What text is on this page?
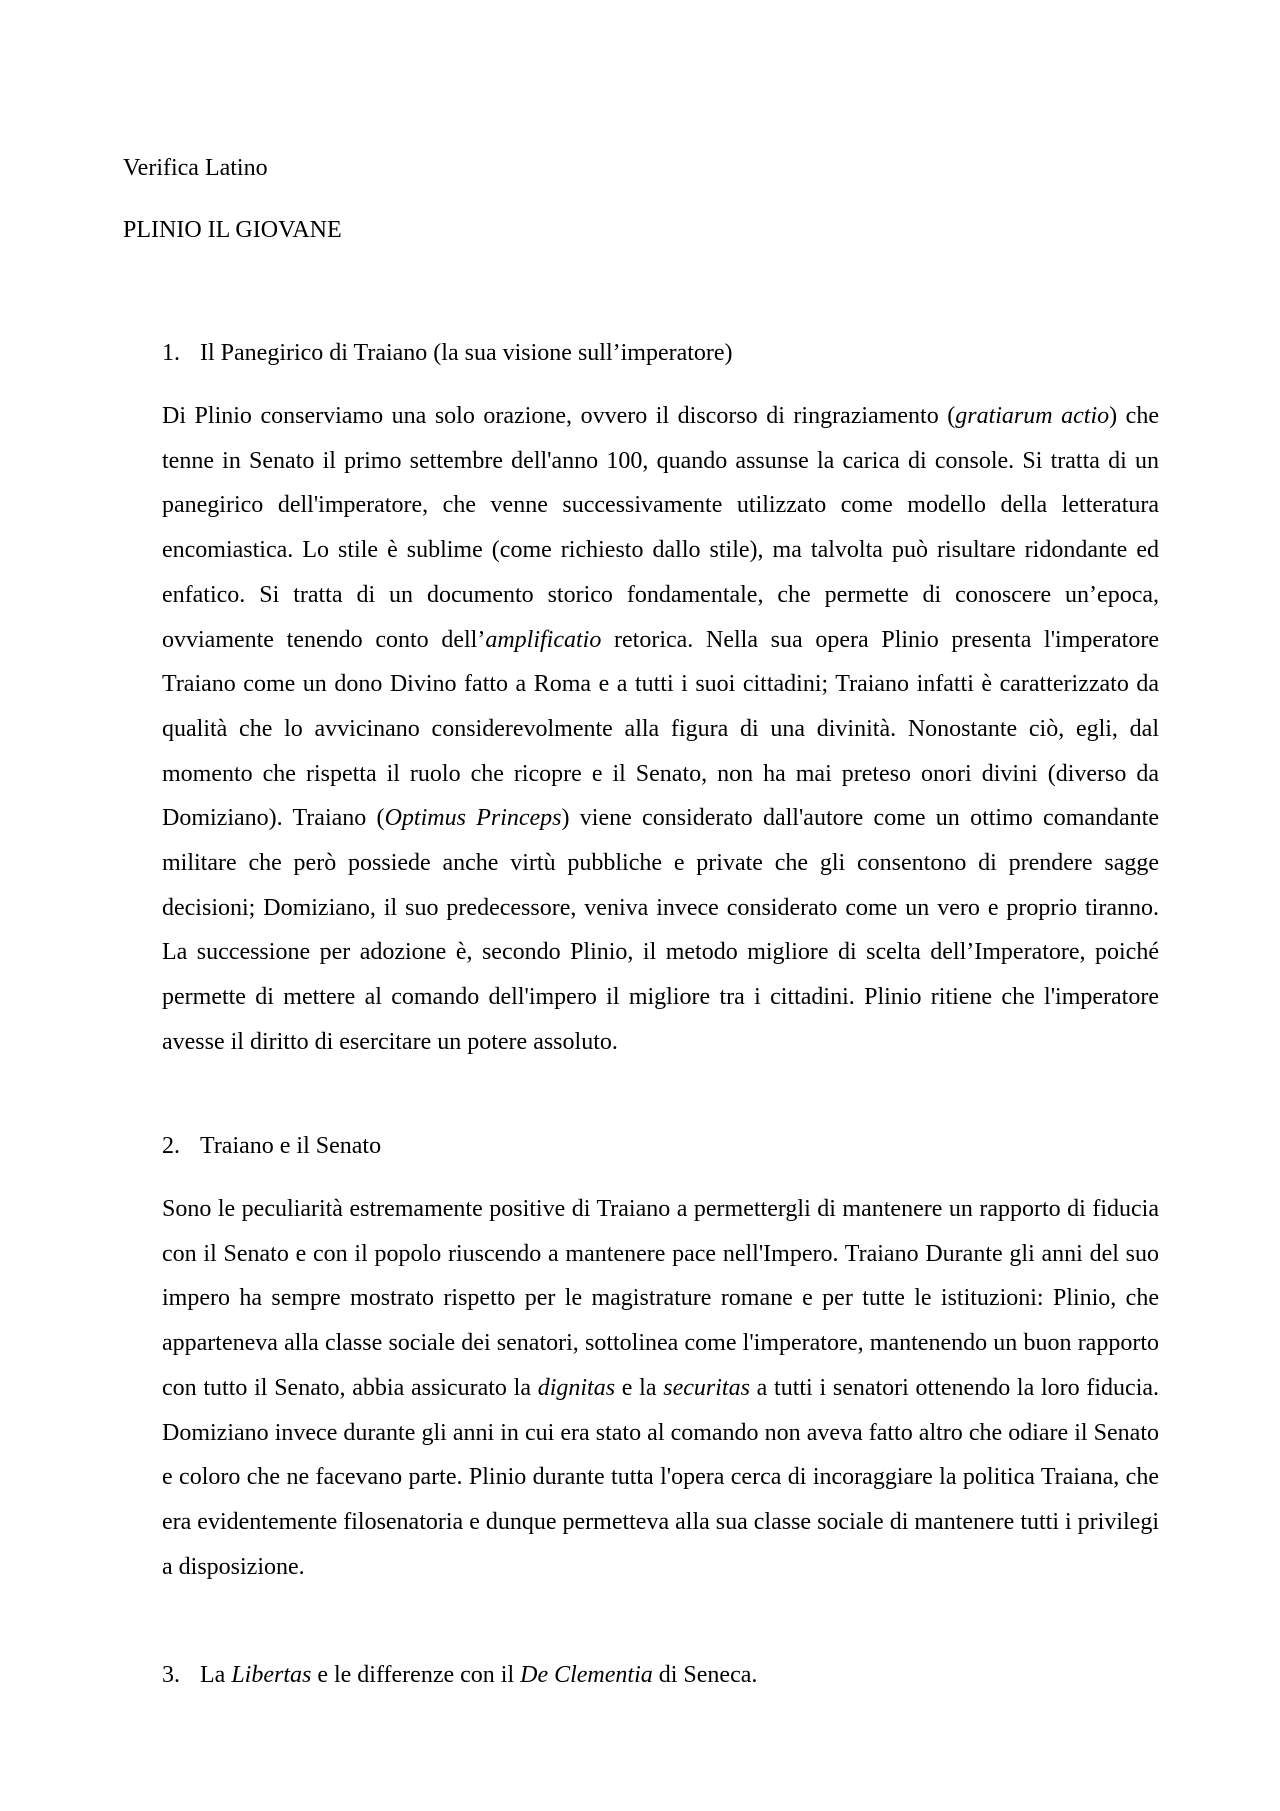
Verifica Latino
PLINIO IL GIOVANE
1. Il Panegirico di Traiano (la sua visione sull’imperatore)
Di Plinio conserviamo una solo orazione, ovvero il discorso di ringraziamento (gratiarum actio) che tenne in Senato il primo settembre dell'anno 100, quando assunse la carica di console. Si tratta di un panegirico dell'imperatore, che venne successivamente utilizzato come modello della letteratura encomiastica. Lo stile è sublime (come richiesto dallo stile), ma talvolta può risultare ridondante ed enfatico. Si tratta di un documento storico fondamentale, che permette di conoscere un’epoca, ovviamente tenendo conto dell’amplificatio retorica. Nella sua opera Plinio presenta l'imperatore Traiano come un dono Divino fatto a Roma e a tutti i suoi cittadini; Traiano infatti è caratterizzato da qualità che lo avvicinano considerevolmente alla figura di una divinità. Nonostante ciò, egli, dal momento che rispetta il ruolo che ricopre e il Senato, non ha mai preteso onori divini (diverso da Domiziano). Traiano (Optimus Princeps) viene considerato dall'autore come un ottimo comandante militare che però possiede anche virtù pubbliche e private che gli consentono di prendere sagge decisioni; Domiziano, il suo predecessore, veniva invece considerato come un vero e proprio tiranno. La successione per adozione è, secondo Plinio, il metodo migliore di scelta dell’Imperatore, poiché permette di mettere al comando dell'impero il migliore tra i cittadini. Plinio ritiene che l'imperatore avesse il diritto di esercitare un potere assoluto.
2. Traiano e il Senato
Sono le peculiarità estremamente positive di Traiano a permettergli di mantenere un rapporto di fiducia con il Senato e con il popolo riuscendo a mantenere pace nell'Impero. Traiano Durante gli anni del suo impero ha sempre mostrato rispetto per le magistrature romane e per tutte le istituzioni: Plinio, che apparteneva alla classe sociale dei senatori, sottolinea come l'imperatore, mantenendo un buon rapporto con tutto il Senato, abbia assicurato la dignitas e la securitas a tutti i senatori ottenendo la loro fiducia. Domiziano invece durante gli anni in cui era stato al comando non aveva fatto altro che odiare il Senato e coloro che ne facevano parte. Plinio durante tutta l'opera cerca di incoraggiare la politica Traiana, che era evidentemente filosenatoria e dunque permetteva alla sua classe sociale di mantenere tutti i privilegi a disposizione.
3. La Libertas e le differenze con il De Clementia di Seneca.
